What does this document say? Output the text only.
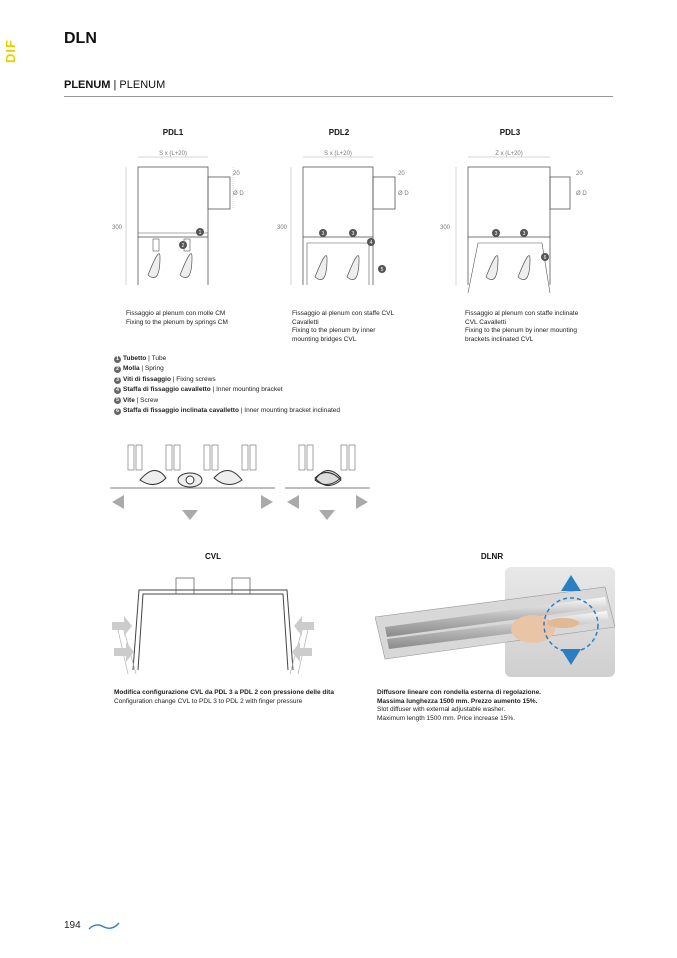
DIF
DLN
PLENUM | PLENUM
PDL1	PDL2	PDL3
S x (L+20)
20
Ø D
300
1
2
S x (L+20)
20
Ø D
300
3	3
4
5
Z x (L+20)
20
Ø D
300
3	3
6
Fissaggio al plenum con molle CM
Fixing to the plenum by springs CM
Fissaggio al plenum con staffe CVL Cavalletti
Fixing to the plenum by inner mounting bridges CVL
Fissaggio al plenum con staffe inclinate CVL Cavalletti
Fixing to the plenum by inner mounting brackets inclinated CVL
1 Tubetto | Tube
2 Molla | Spring
3 Viti di fissaggio | Fixing screws
4 Staffa di fissaggio cavalletto | Inner mounting bracket
5 Vite | Screw
6 Staffa di fissaggio inclinata cavalletto | Inner mounting bracket inclinated
CVL	DLNR
Modifica configurazione CVL da PDL 3 a PDL 2 con pressione delle dita
Configuration change CVL to PDL 3 to PDL 2 with finger pressure
Diffusore lineare con rondella esterna di regolazione.
Massima lunghezza 1500 mm. Prezzo aumento 15%.
Slot diffuser with external adjustable washer.
Maximum length 1500 mm. Price increase 15%.
194
